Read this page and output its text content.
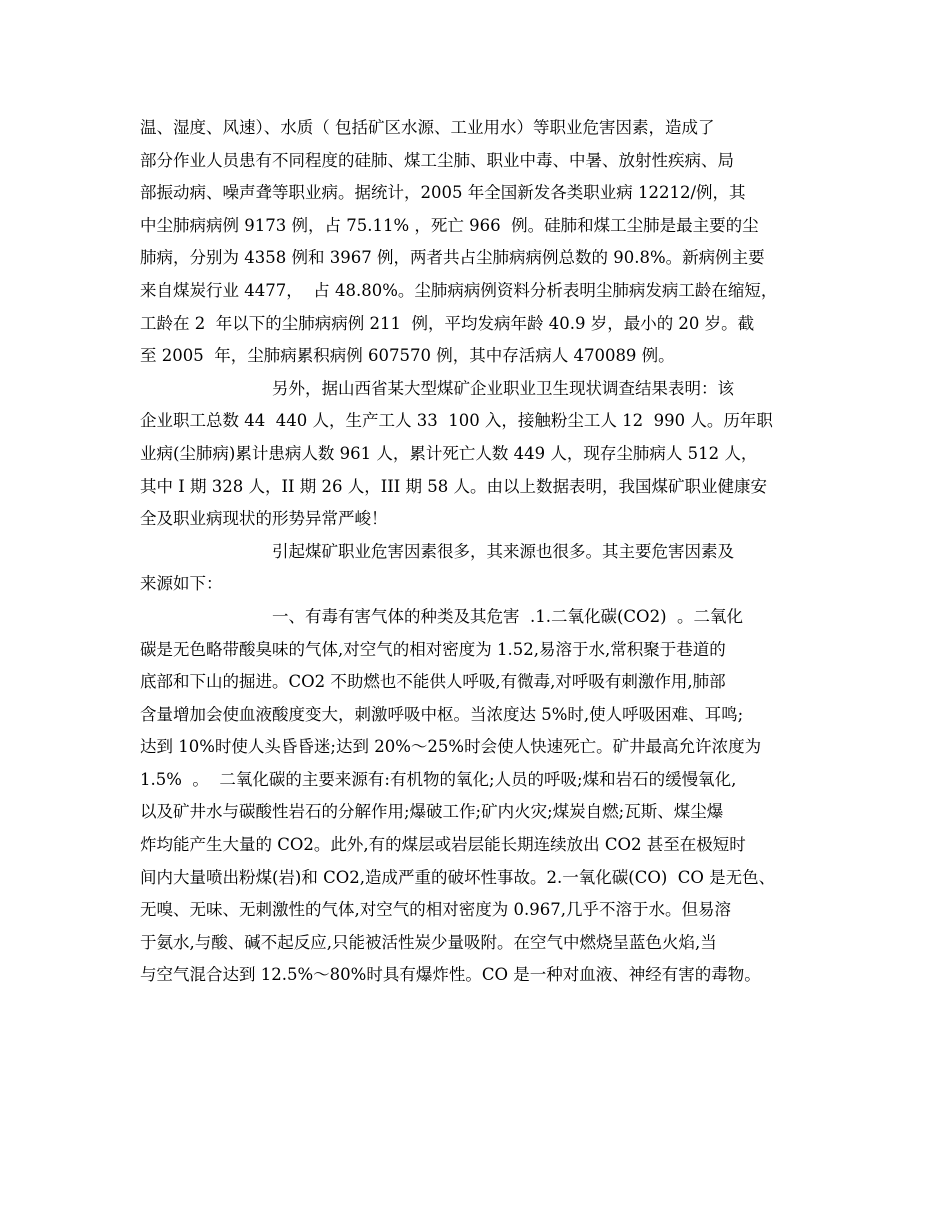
温、湿度、风速）、水质（ 包括矿区水源、工业用水）等职业危害因素，造成了
部分作业人员患有不同程度的硅肺、煤工尘肺、职业中毒、中暑、放射性疾病、局
部振动病、噪声聋等职业病。据统计，2005 年全国新发各类职业病 12212/例，其
中尘肺病病例 9173 例，占 75.11% ，死亡 966  例。硅肺和煤工尘肺是最主要的尘
肺病，分别为 4358 例和 3967 例，两者共占尘肺病病例总数的 90.8%。新病例主要
来自煤炭行业 4477，  占 48.80%。尘肺病病例资料分析表明尘肺病发病工龄在缩短，
工龄在 2  年以下的尘肺病病例 211  例，平均发病年龄 40.9 岁，最小的 20 岁。截
至 2005  年，尘肺病累积病例 607570 例，其中存活病人 470089 例。
另外，据山西省某大型煤矿企业职业卫生现状调查结果表明：该
企业职工总数 44  440 人，生产工人 33  100 入，接触粉尘工人 12  990 人。历年职
业病(尘肺病)累计患病人数 961 人，累计死亡人数 449 人，现存尘肺病人 512 人，
其中 I 期 328 人，II 期 26 人，III 期 58 人。由以上数据表明，我国煤矿职业健康安
全及职业病现状的形势异常严峻！
引起煤矿职业危害因素很多，其来源也很多。其主要危害因素及
来源如下：
一、有毒有害气体的种类及其危害  .1.二氧化碳(CO2)  。二氧化
碳是无色略带酸臭味的气体,对空气的相对密度为 1.52,易溶于水,常积聚于巷道的
底部和下山的掘进。CO2 不助燃也不能供人呼吸,有微毒,对呼吸有刺激作用,肺部
含量增加会使血液酸度变大，刺激呼吸中枢。当浓度达 5%时,使人呼吸困难、耳鸣;
达到 10%时使人头昏昏迷;达到 20%～25%时会使人快速死亡。矿井最高允许浓度为
1.5%  。  二氧化碳的主要来源有:有机物的氧化;人员的呼吸;煤和岩石的缓慢氧化,
以及矿井水与碳酸性岩石的分解作用;爆破工作;矿内火灾;煤炭自燃;瓦斯、煤尘爆
炸均能产生大量的 CO2。此外,有的煤层或岩层能长期连续放出 CO2 甚至在极短时
间内大量喷出粉煤(岩)和 CO2,造成严重的破坏性事故。2.一氧化碳(CO)  CO 是无色、
无嗅、无味、无刺激性的气体,对空气的相对密度为 0.967,几乎不溶于水。但易溶
于氨水,与酸、碱不起反应,只能被活性炭少量吸附。在空气中燃烧呈蓝色火焰,当
与空气混合达到 12.5%～80%时具有爆炸性。CO 是一种对血液、神经有害的毒物。
